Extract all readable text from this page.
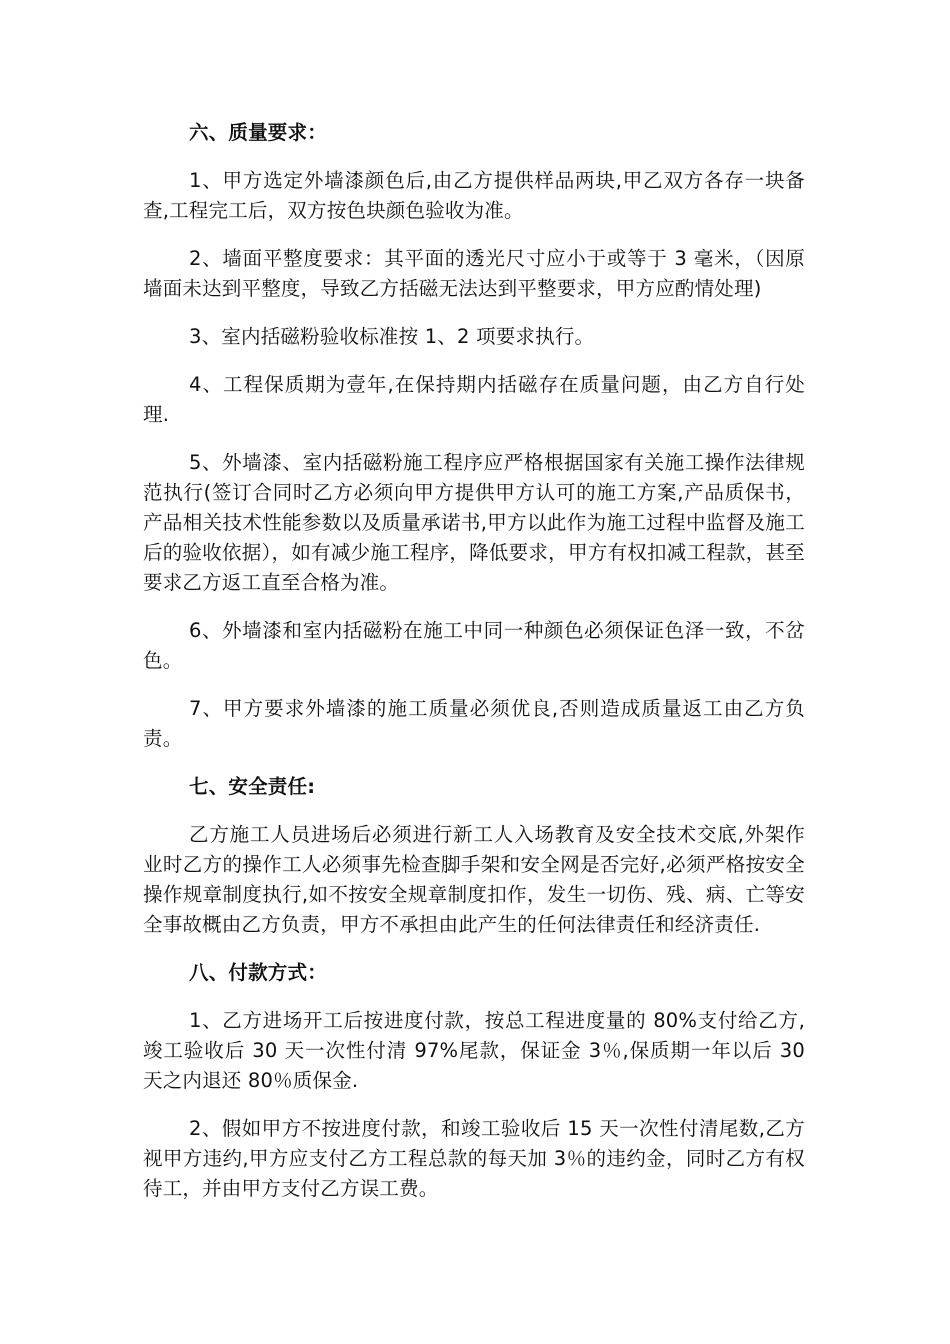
六、质量要求：

1、甲方选定外墙漆颜色后,由乙方提供样品两块,甲乙双方各存一块备查,工程完工后，双方按色块颜色验收为准。

2、墙面平整度要求：其平面的透光尺寸应小于或等于 3 毫米，（因原墙面未达到平整度，导致乙方括磁无法达到平整要求，甲方应酌情处理)

3、室内括磁粉验收标准按 1、2 项要求执行。

4、工程保质期为壹年,在保持期内括磁存在质量问题，由乙方自行处理.

5、外墙漆、室内括磁粉施工程序应严格根据国家有关施工操作法律规范执行(签订合同时乙方必须向甲方提供甲方认可的施工方案,产品质保书，产品相关技术性能参数以及质量承诺书,甲方以此作为施工过程中监督及施工后的验收依据），如有减少施工程序，降低要求，甲方有权扣减工程款，甚至要求乙方返工直至合格为准。

6、外墙漆和室内括磁粉在施工中同一种颜色必须保证色泽一致，不岔色。

7、甲方要求外墙漆的施工质量必须优良,否则造成质量返工由乙方负责。

七、安全责任:

乙方施工人员进场后必须进行新工人入场教育及安全技术交底,外架作业时乙方的操作工人必须事先检查脚手架和安全网是否完好,必须严格按安全操作规章制度执行,如不按安全规章制度扣作，发生一切伤、残、病、亡等安全事故概由乙方负责，甲方不承担由此产生的任何法律责任和经济责任.

八、付款方式：

1、乙方进场开工后按进度付款，按总工程进度量的 80%支付给乙方,竣工验收后 30 天一次性付清 97%尾款，保证金 3％,保质期一年以后 30 天之内退还 80％质保金.

2、假如甲方不按进度付款，和竣工验收后 15 天一次性付清尾数,乙方视甲方违约,甲方应支付乙方工程总款的每天加 3％的违约金，同时乙方有权待工，并由甲方支付乙方误工费。
